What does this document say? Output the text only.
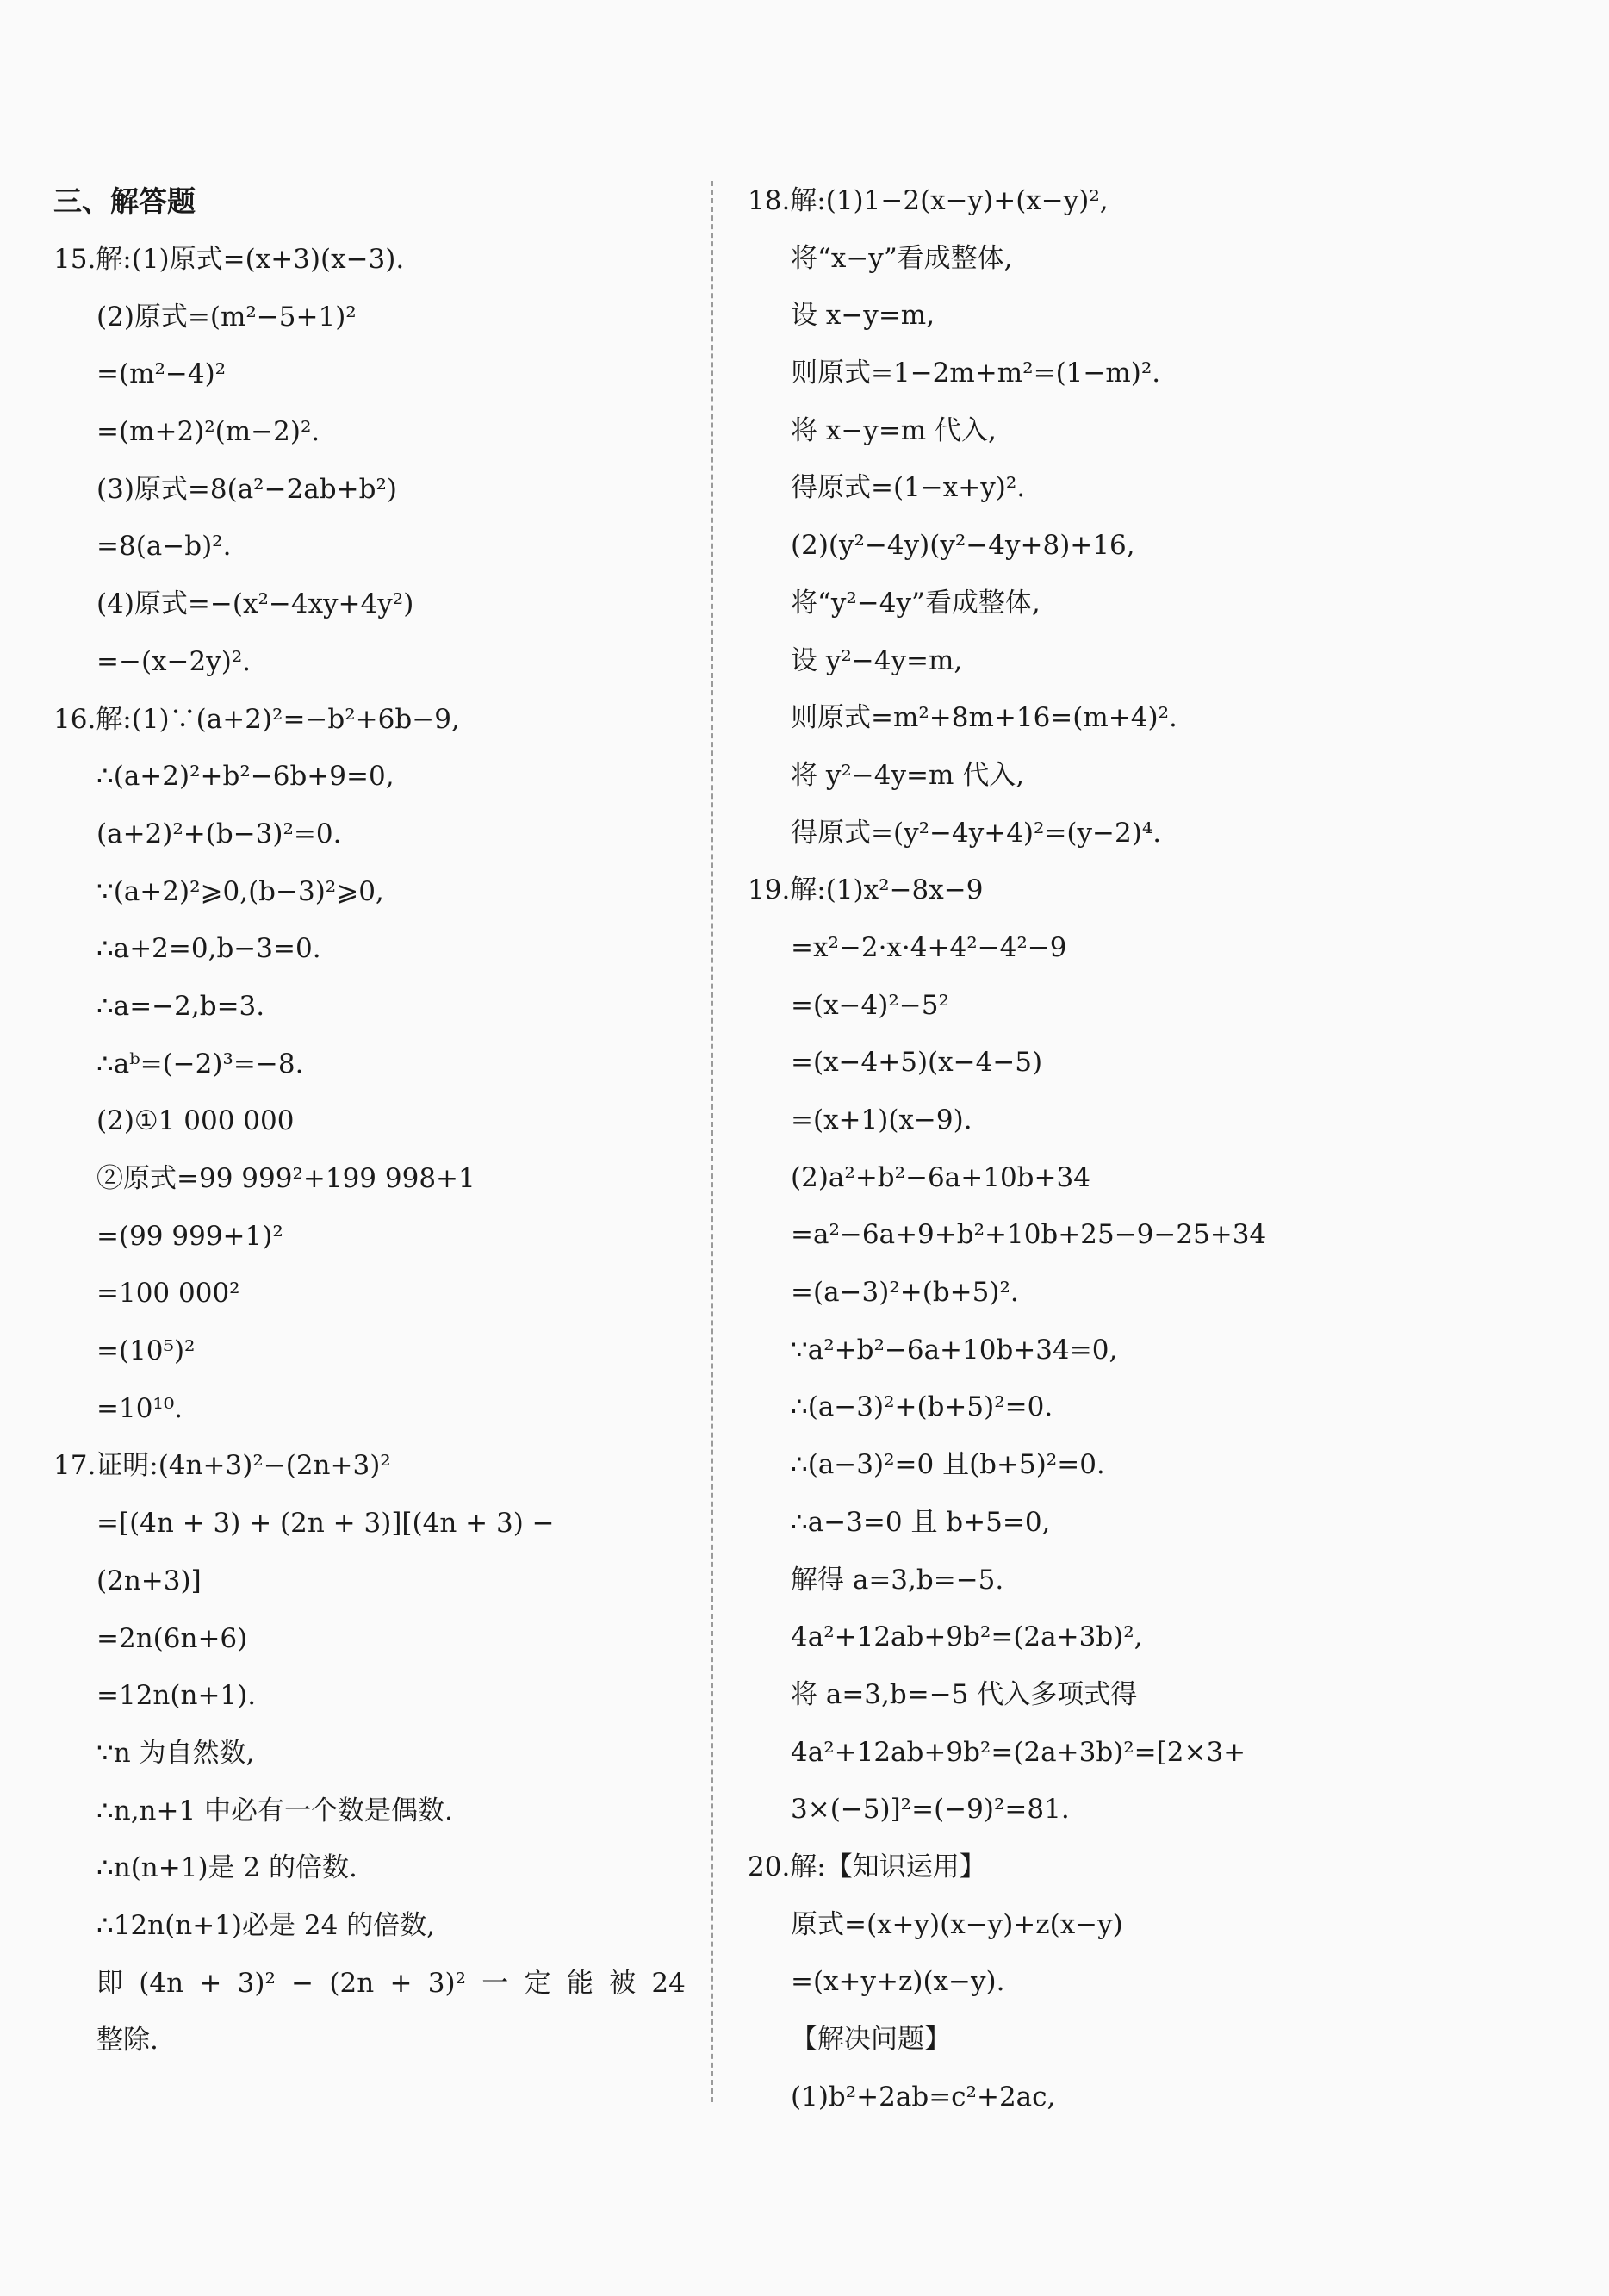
三、解答题
15.解:(1)原式=(x+3)(x−3).
(2)原式=(m²−5+1)²
=(m²−4)²
=(m+2)²(m−2)².
(3)原式=8(a²−2ab+b²)
=8(a−b)².
(4)原式=−(x²−4xy+4y²)
=−(x−2y)².
16.解:(1)∵(a+2)²=−b²+6b−9,
∴(a+2)²+b²−6b+9=0,
(a+2)²+(b−3)²=0.
∵(a+2)²⩾0,(b−3)²⩾0,
∴a+2=0,b−3=0.
∴a=−2,b=3.
∴aᵇ=(−2)³=−8.
(2)①1 000 000
②原式=99 999²+199 998+1
=(99 999+1)²
=100 000²
=(10⁵)²
=10¹⁰.
17.证明:(4n+3)²−(2n+3)²
=[(4n + 3) + (2n + 3)][(4n + 3) −
(2n+3)]
=2n(6n+6)
=12n(n+1).
∵n 为自然数,
∴n,n+1 中必有一个数是偶数.
∴n(n+1)是 2 的倍数.
∴12n(n+1)必是 24 的倍数,
即 (4n + 3)² − (2n + 3)² 一 定 能 被 24
整除.
18.解:(1)1−2(x−y)+(x−y)²,
将“x−y”看成整体,
设 x−y=m,
则原式=1−2m+m²=(1−m)².
将 x−y=m 代入,
得原式=(1−x+y)².
(2)(y²−4y)(y²−4y+8)+16,
将“y²−4y”看成整体,
设 y²−4y=m,
则原式=m²+8m+16=(m+4)².
将 y²−4y=m 代入,
得原式=(y²−4y+4)²=(y−2)⁴.
19.解:(1)x²−8x−9
=x²−2·x·4+4²−4²−9
=(x−4)²−5²
=(x−4+5)(x−4−5)
=(x+1)(x−9).
(2)a²+b²−6a+10b+34
=a²−6a+9+b²+10b+25−9−25+34
=(a−3)²+(b+5)².
∵a²+b²−6a+10b+34=0,
∴(a−3)²+(b+5)²=0.
∴(a−3)²=0 且(b+5)²=0.
∴a−3=0 且 b+5=0,
解得 a=3,b=−5.
4a²+12ab+9b²=(2a+3b)²,
将 a=3,b=−5 代入多项式得
4a²+12ab+9b²=(2a+3b)²=[2×3+
3×(−5)]²=(−9)²=81.
20.解:【知识运用】
原式=(x+y)(x−y)+z(x−y)
=(x+y+z)(x−y).
【解决问题】
(1)b²+2ab=c²+2ac,
